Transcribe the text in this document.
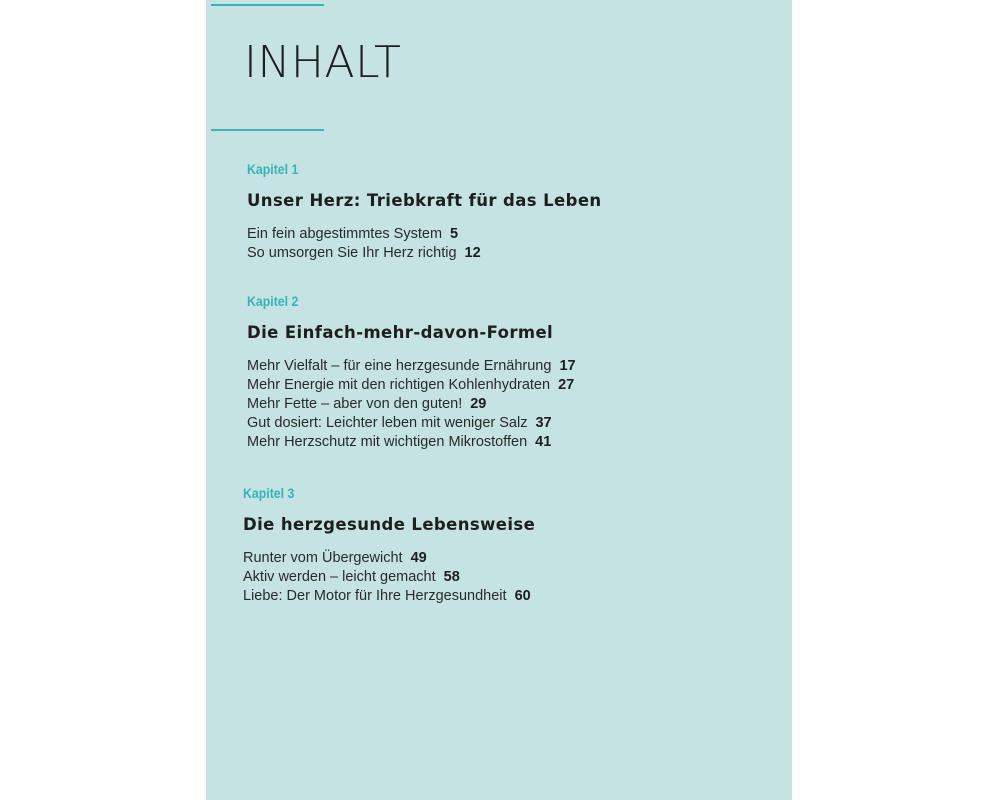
INHALT
Kapitel 1
Unser Herz: Triebkraft für das Leben
Ein fein abgestimmtes System 5
So umsorgen Sie Ihr Herz richtig 12
Kapitel 2
Die Einfach-mehr-davon-Formel
Mehr Vielfalt – für eine herzgesunde Ernährung 17
Mehr Energie mit den richtigen Kohlenhydraten 27
Mehr Fette – aber von den guten! 29
Gut dosiert: Leichter leben mit weniger Salz 37
Mehr Herzschutz mit wichtigen Mikrostoffen 41
Kapitel 3
Die herzgesunde Lebensweise
Runter vom Übergewicht 49
Aktiv werden – leicht gemacht 58
Liebe: Der Motor für Ihre Herzgesundheit 60
